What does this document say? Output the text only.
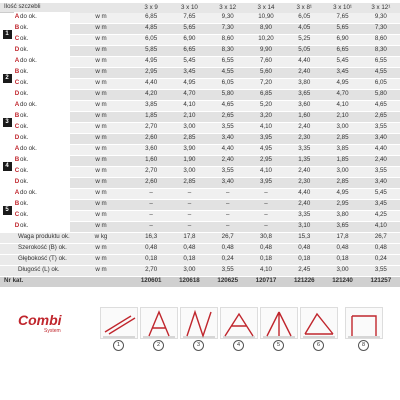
Ilość szczebli				3 x 9	3 x 10	3 x 12	3 x 14	3 x 8¹	3 x 10¹	3 x 12¹
1	A	do ok.	w m	6,85	7,65	9,30	10,90	6,05	7,65	9,30
	B	ok.	w m	4,85	5,65	7,30	8,90	4,05	5,65	7,30
	C	ok.	w m	6,05	6,90	8,60	10,20	5,25	6,90	8,60
	D	ok.	w m	5,85	6,65	8,30	9,90	5,05	6,65	8,30
2	A	do ok.	w m	4,95	5,45	6,55	7,60	4,40	5,45	6,55
	B	ok.	w m	2,95	3,45	4,55	5,60	2,40	3,45	4,55
	C	ok.	w m	4,40	4,95	6,05	7,20	3,80	4,95	6,05
	D	ok.	w m	4,20	4,70	5,80	6,85	3,65	4,70	5,80
3	A	do ok.	w m	3,85	4,10	4,65	5,20	3,60	4,10	4,65
	B	ok.	w m	1,85	2,10	2,65	3,20	1,60	2,10	2,65
	C	ok.	w m	2,70	3,00	3,55	4,10	2,40	3,00	3,55
	D	ok.	w m	2,60	2,85	3,40	3,95	2,30	2,85	3,40
4	A	do ok.	w m	3,60	3,90	4,40	4,95	3,35	3,85	4,40
	B	ok.	w m	1,60	1,90	2,40	2,95	1,35	1,85	2,40
	C	ok.	w m	2,70	3,00	3,55	4,10	2,40	3,00	3,55
	D	ok.	w m	2,60	2,85	3,40	3,95	2,30	2,85	3,40
5	A	do ok.	w m	–	–	–	–	4,40	4,95	5,45
	B	ok.	w m	–	–	–	–	2,40	2,95	3,45
	C	ok.	w m	–	–	–	–	3,35	3,80	4,25
	D	ok.	w m	–	–	–	–	3,10	3,65	4,10
	Waga produktu ok.		w kg	16,3	17,8	26,7	30,8	15,3	17,8	26,7
	Szerokość (B) ok.		w m	0,48	0,48	0,48	0,48	0,48	0,48	0,48
	Głębokość (T) ok.		w m	0,18	0,18	0,24	0,18	0,18	0,18	0,24
	Długość (L) ok.		w m	2,70	3,00	3,55	4,10	2,45	3,00	3,55
Nr kat.				120601	120618	120625	120717	121226	121240	121257
Combi
System
1	2	3	4	5	6	8
